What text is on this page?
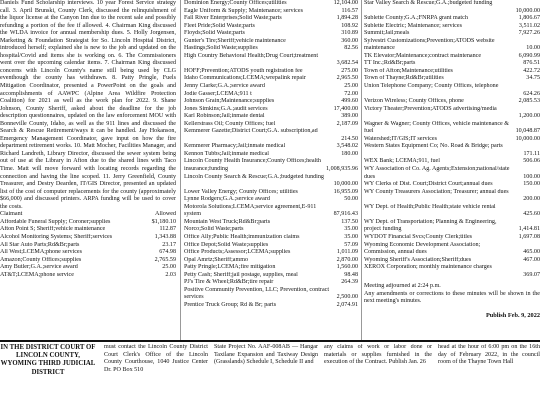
Daniels Fund Scholarship interviews. 10 year Forest Service strategy call. 3. April Brunski, County Clerk, discussed the relinquishment of the liquor license at the Canyon Inn due to the recent sale and possibly refunding a portion of the fee if allowed. 4. Chairman King discussed the WLDA invoice for annual membership dues. 5. Holly Jorgensen, Marketing & Foundation Strategist for So. Lincoln Hospital District, introduced herself; explained she is new to the job and updated on the hospital/Covid and items she is working on. 6. The Commissioners went over the upcoming calendar items. 7. Chairman King discussed concerns with Lincoln County's name still being used by CLG eventhough the county has withdrawn. 8. Patty Pringle, Fuels Mitigation Coordinator, presented a PowerPoint on the goals and accomplishments of AAWPC (Alpine Area Wildfire Protection Coalition) for 2021 as well as the work plan for 2022. 9. Shane Johnson, County Sheriff, asked about the deadline for the job description questionnaires, updated on the law enforcement MOU with Bonneville County, Idaho, as well as the 911 lines and discussed the Search & Rescue Retirement/ways it can be handled. Jay Hokanson, Emergency Management Coordinator, gave input on how the fire department retirement works. 10. Matt Mocher, Facilities Manager, and Richard Landreth, Library Director, discussed the sewer system being out of use at the Library in Afton due to the shared lines with Taco Time. Matt will move forward with locating records regarding the connection and having the line scoped. 11. Jerry Greenfield, County Treasurer, and Destry Dearden, IT/GIS Director, presented an updated list of the cost of computer replacements for the county (approximately $66,000) and discussed printers. ARPA funding will be used to cover the costs.

Claimant	Allowed
Affordable Funeral Supply; Coroner;supplies	$1,180.10
Afton Point S; Sheriff;vehicle maintenance	112.87
Alcohol Monitoring Systems; Sheriff;services	1,343.88
All Star Auto Parts;Rd&Br;parts	23.17
All West;LCEMA;phone services	674.98
Amazon;County Offices;supplies	2,765.59
Amy Butler;G.A.;service award	25.00
AT&T;LCEMA;phone service	2.03
Dominion Energy;County Offices;utilities	12,104.00
Eagle Uniform & Supply; Maintenance; services	116.57
Fall River Enterprises;Solid Waste;parts	1,894.28
Fleet Pride;Solid Waste;parts	108.92
Floyds;Solid Waste;parts	310.89
Gunter's Tire;Sheriff;vehicle maintenance	360.00
Hastings;Solid Waste;supplies	82.56
High Country Behavioral Health;Drug Court;treatment
3,682.54
HOFF;Prevention;ATODS youth registration fee	275.00
Idaho Communications;LCEMA;wrepalink repair	2,965.50
Jenny Clarke;G.A.;service award	25.00
Jodie Gasser;LCEMA;911 t	72.00
Johnson Grain;Maintenance;supplies	499.60
Jones Simkins;G.A.;audit services	17,400.00
Karl Robinson;Jail;inmate dental	389.00
Kellerstrass Oil; County Offices; fuel	2,187.09
Kemmerer Gazette;District Court;G.A. subscription,ad
214.50
Kemmerer Pharmacy;Jail;inmate medical	3,548.02
Kennon Tubbs;Jail;inmate medical	180.00
Lincoln County Health Insurance;County Offices;health
insurance;funding	1,008,935.96
Lincoln County Search & Rescue;G.A.;budgeted funding
10,000.00
Lower Valley Energy; County Offices; utilities	16,955.09
Lynne Rodgers;G.A.;service award	50.00
Motorola Solutions;LCEMA;service agreement,E-911
system	87,916.43
Mountain West Truck;Rd&Br;parts	137.50
Norco;Solid Waste;parts	35.00
Office Ally;Public Health;immunization claims	35.00
Office Depot;Solid Waste;supplies	57.09
Office Products;Assessor;LCEMA;supplies	1,011.09
Opal Amrtz;Sheriff;ammo	2,870.00
Patty Pringle;LCEMA;fire mitigation	1,560.00
Petty Cash; Sheriff;jail postage, supplies, meal	98.48
PJ's Tire & Wheel;Rd&Br;tire repair	264.39
Positive Community Prevention, LLC; Prevention, contract
services	2,500.00
Prentice Truck Group; Rd & Br; parts	2,074.91
Star Valley Search & Rescue;G.A.;budgeted funding
10,000.00
Sublette County;G.A.;FNRPA grant match	1,806.67
Sublette Electric; Maintenance; services	3,511.02
Summit;Jail;meals	7,927.26
Sylvestri Customizations;Prevention;ATODS website
maintenance	10.00
TK Elevator;Maintenance;contract maintenance	6,090.99
TT Inc.;Rd&Br;parts	876.51
Town of Afton;Maintenance;utilities	422.72
Town of Thayne;Rd&Br;utilities	34.75
Union Telephone Company; County Offices, telephone
624.26
Verizon Wireless; County Offices, phone	2,085.53
Victory Theater;Prevention;ATODS advertising/media
1,200.00
Wagner & Wagner; County Offices, vehicle maintenance &
fuel	10,048.87
Watershed;IT/GIS;IT services	10,000.00
Western States Equipment Co; No. Road & Bridge; parts
171.11
WEX Bank; LCEMA;911, fuel	506.06
WY Association of Co. Ag. Agents;Extension;national/state
dues	100.00
WY Clerks of Dist. Court;District Court;annual dues	150.00
WY County Treasurers Association; Treasurer; annual dues
200.00
WY Dept. of Health;Public Health;state vehicle rental
425.60
WY Dept. of Transportation; Planning & Engineering,
project funding	1,414.81
WYDOT Financial Svcs;County Clerk;titles	1,697.08
Wyoming Economic Development Association;
Commission, annual dues	465.00
Wyoming Sheriff's Association;Sheriff;dues	467.00
XEROX Corporation; monthly maintenance charges
369.07
Meeting adjourned at 2:24 p.m.

Any amendments or corrections to these minutes will be shown in the next meeting's minutes.

Publish Feb. 9, 2022
IN THE DISTRICT COURT OF LINCOLN COUNTY, WYOMING THIRD JUDICIAL DISTRICT
must contact the Lincoln County District Court Clerk's Office of the Lincoln County Courthouse, 1040 Justice Center Dr. PO Box 510
State Project No. AAF-008AB — Hangar Taxilane Expansion and Taxiway Design (Grasslands) Schedule I, Schedule II and
any claims of work or labor done or materials or supplies furnished in the execution of the Contract. Publish Jan. 26
head at the hour of 6:00 pm on the 16th day of February 2022, in the council room of the Thayne Town Hall
